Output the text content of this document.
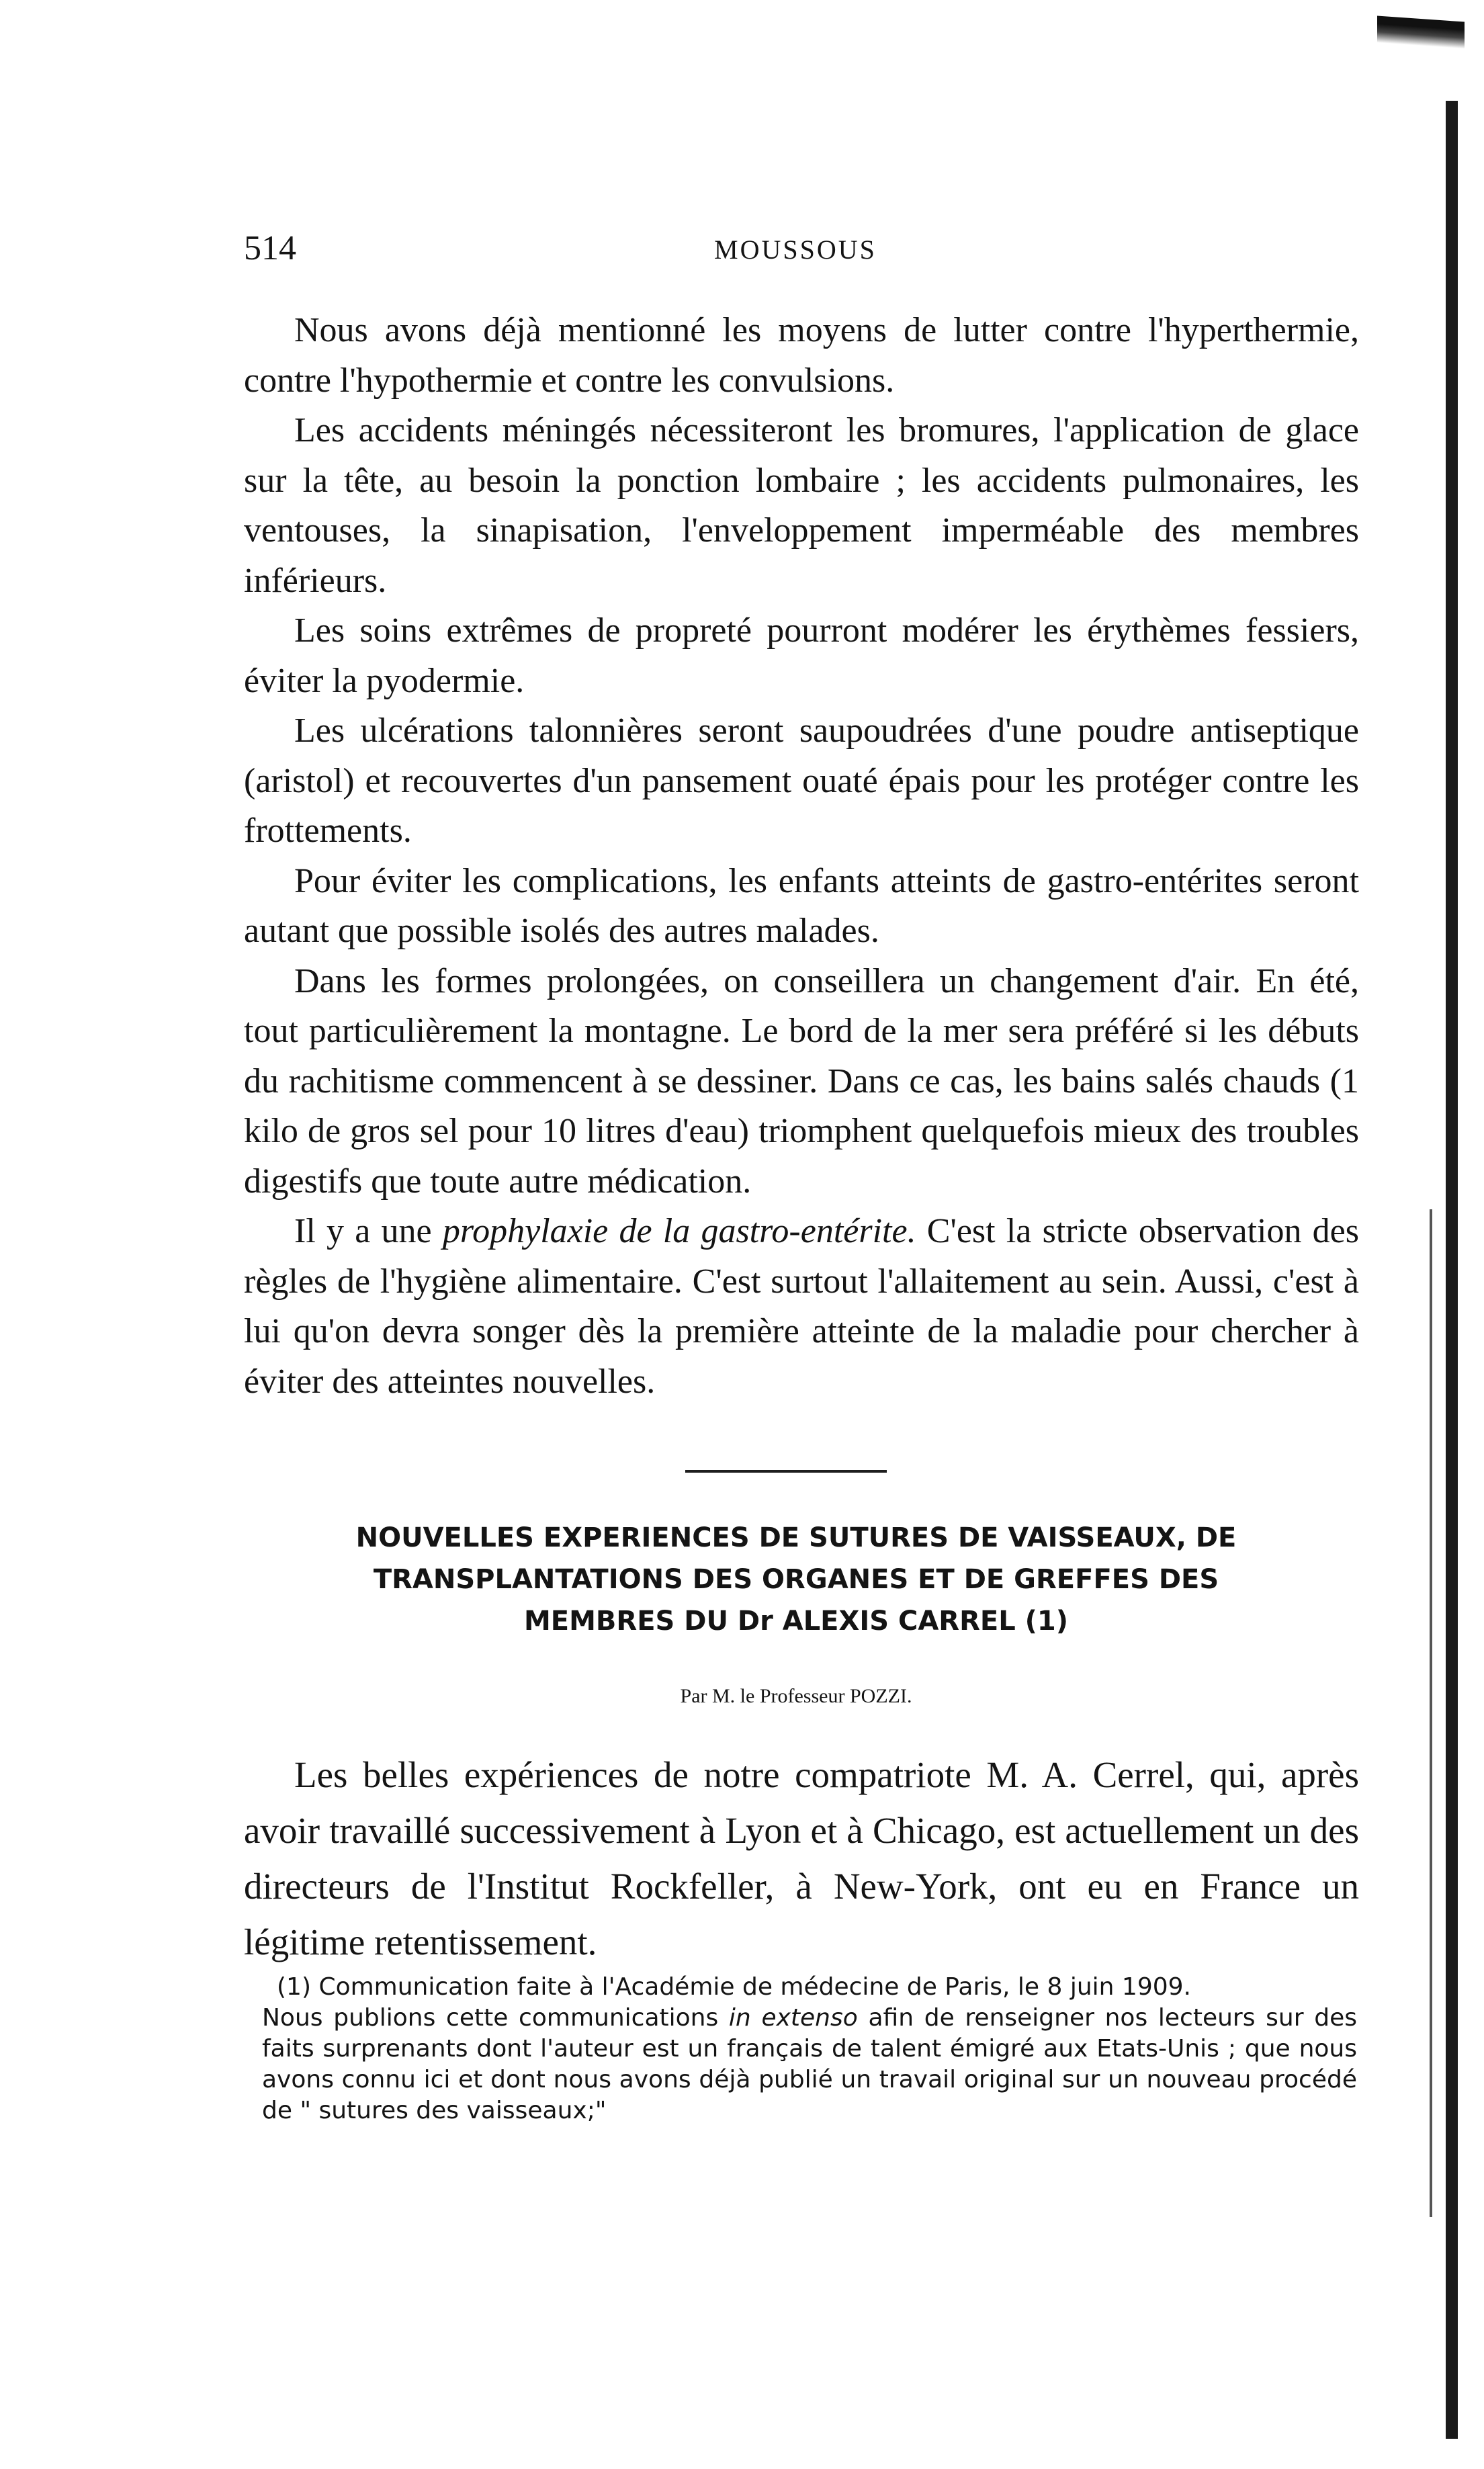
514	MOUSSOUS

Nous avons déjà mentionné les moyens de lutter contre l'hyperthermie, contre l'hypothermie et contre les convulsions.

Les accidents méningés nécessiteront les bromures, l'application de glace sur la tête, au besoin la ponction lombaire ; les accidents pulmonaires, les ventouses, la sinapisation, l'enveloppement imperméable des membres inférieurs.

Les soins extrêmes de propreté pourront modérer les érythèmes fessiers, éviter la pyodermie.

Les ulcérations talonnières seront saupoudrées d'une poudre antiseptique (aristol) et recouvertes d'un pansement ouaté épais pour les protéger contre les frottements.

Pour éviter les complications, les enfants atteints de gastro-entérites seront autant que possible isolés des autres malades.

Dans les formes prolongées, on conseillera un changement d'air. En été, tout particulièrement la montagne. Le bord de la mer sera préféré si les débuts du rachitisme commencent à se dessiner. Dans ce cas, les bains salés chauds (1 kilo de gros sel pour 10 litres d'eau) triomphent quelquefois mieux des troubles digestifs que toute autre médication.

Il y a une prophylaxie de la gastro-entérite. C'est la stricte observation des règles de l'hygiène alimentaire. C'est surtout l'allaitement au sein. Aussi, c'est à lui qu'on devra songer dès la première atteinte de la maladie pour chercher à éviter des atteintes nouvelles.

NOUVELLES EXPERIENCES DE SUTURES DE VAISSEAUX, DE
TRANSPLANTATIONS DES ORGANES ET DE GREFFES DES
MEMBRES DU Dr ALEXIS CARREL (1)
Par M. le Professeur POZZI.

Les belles expériences de notre compatriote M. A. Cerrel, qui, après avoir travaillé successivement à Lyon et à Chicago, est actuellement un des directeurs de l'Institut Rockfeller, à New-York, ont eu en France un légitime retentissement.

(1) Communication faite à l'Académie de médecine de Paris, le 8 juin 1909.

Nous publions cette communications in extenso afin de renseigner nos lecteurs sur des faits surprenants dont l'auteur est un français de talent émigré aux Etats-Unis ; que nous avons connu ici et dont nous avons déjà publié un travail original sur un nouveau procédé de " sutures des vaisseaux;"
